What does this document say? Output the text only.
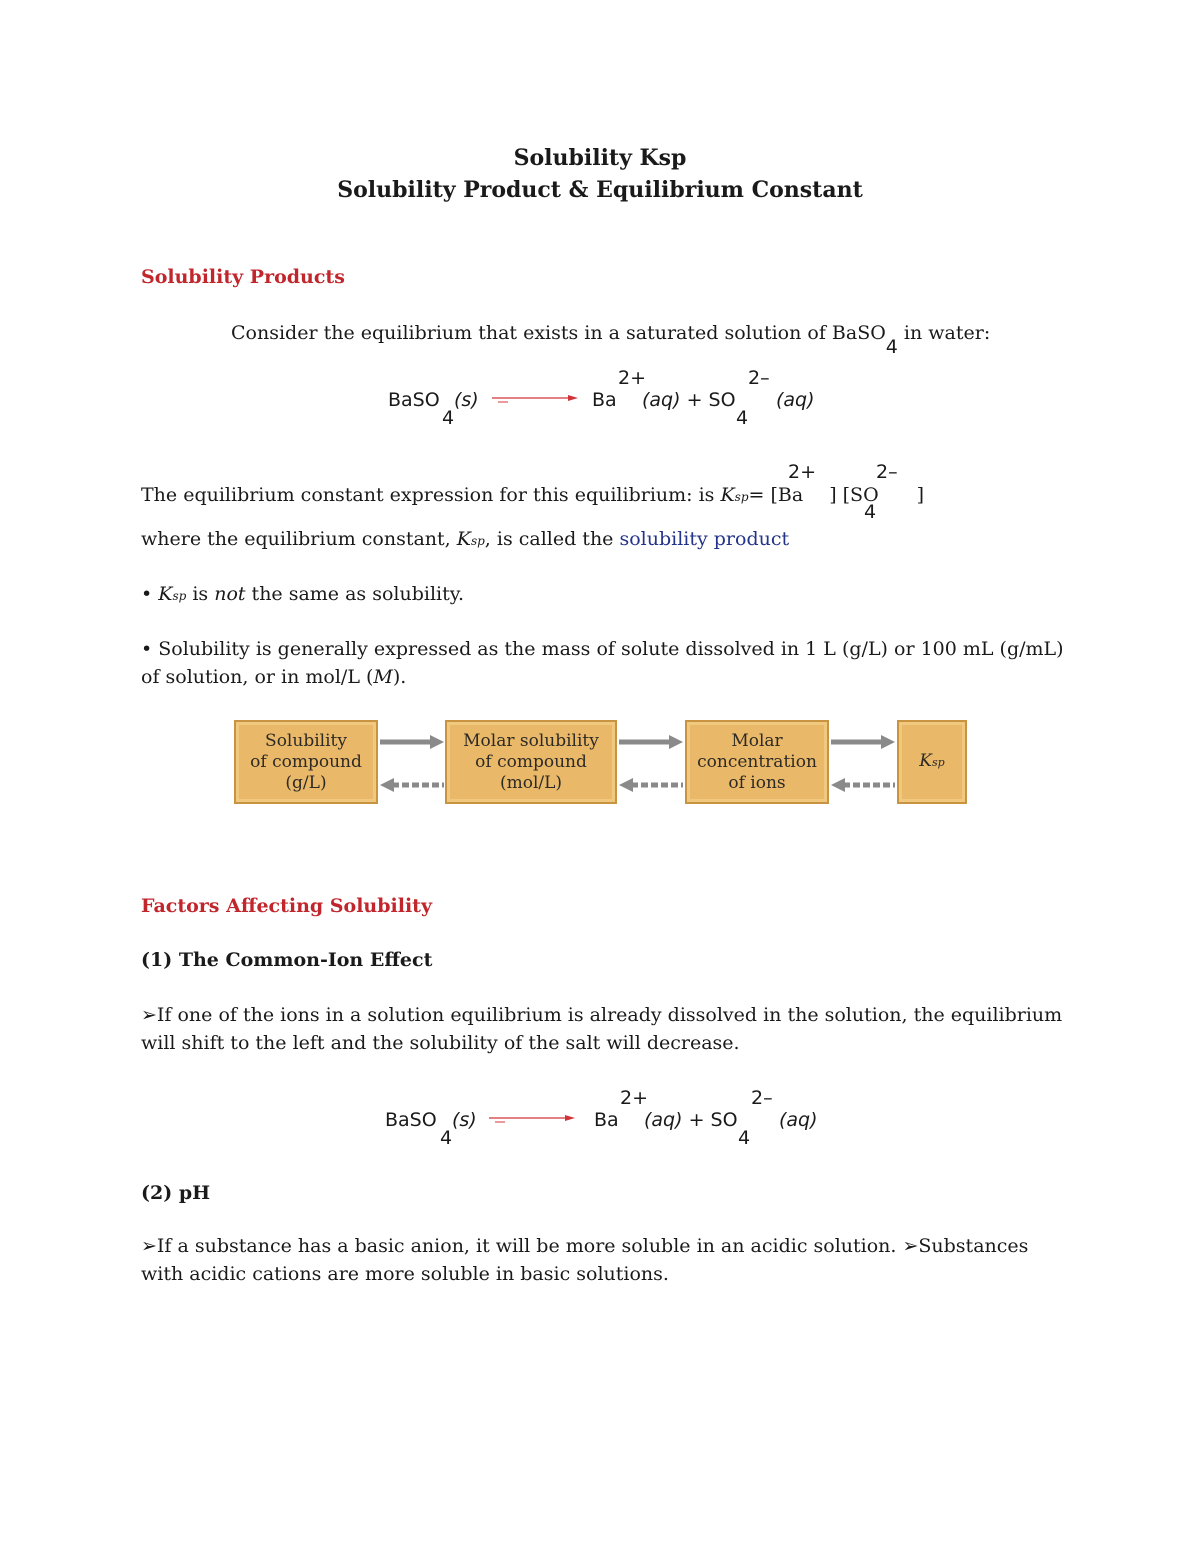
Solubility Ksp
Solubility Product & Equilibrium Constant
Solubility Products
Consider the equilibrium that exists in a saturated solution of BaSO4 in water:
BaSO
4
(s)	Ba
2+
(aq) + SO
4
2–
(aq)
2+	2–
The equilibrium constant expression for this equilibrium: is Ksp= [Ba ] [SO ]
4
where the equilibrium constant, Ksp, is called the solubility product
• Ksp is not the same as solubility.
• Solubility is generally expressed as the mass of solute dissolved in 1 L (g/L) or 100 mL (g/mL)
of solution, or in mol/L (M).
Solubility
of compound
(g/L)
Molar solubility
of compound
(mol/L)
Molar
concentration
of ions
Ksp
Factors Affecting Solubility
(1) The Common-Ion Effect
➢If one of the ions in a solution equilibrium is already dissolved in the solution, the equilibrium
will shift to the left and the solubility of the salt will decrease.
BaSO
4
(s)	Ba
2+
(aq) + SO
4
2–
(aq)
(2) pH
➢If a substance has a basic anion, it will be more soluble in an acidic solution. ➢Substances
with acidic cations are more soluble in basic solutions.
